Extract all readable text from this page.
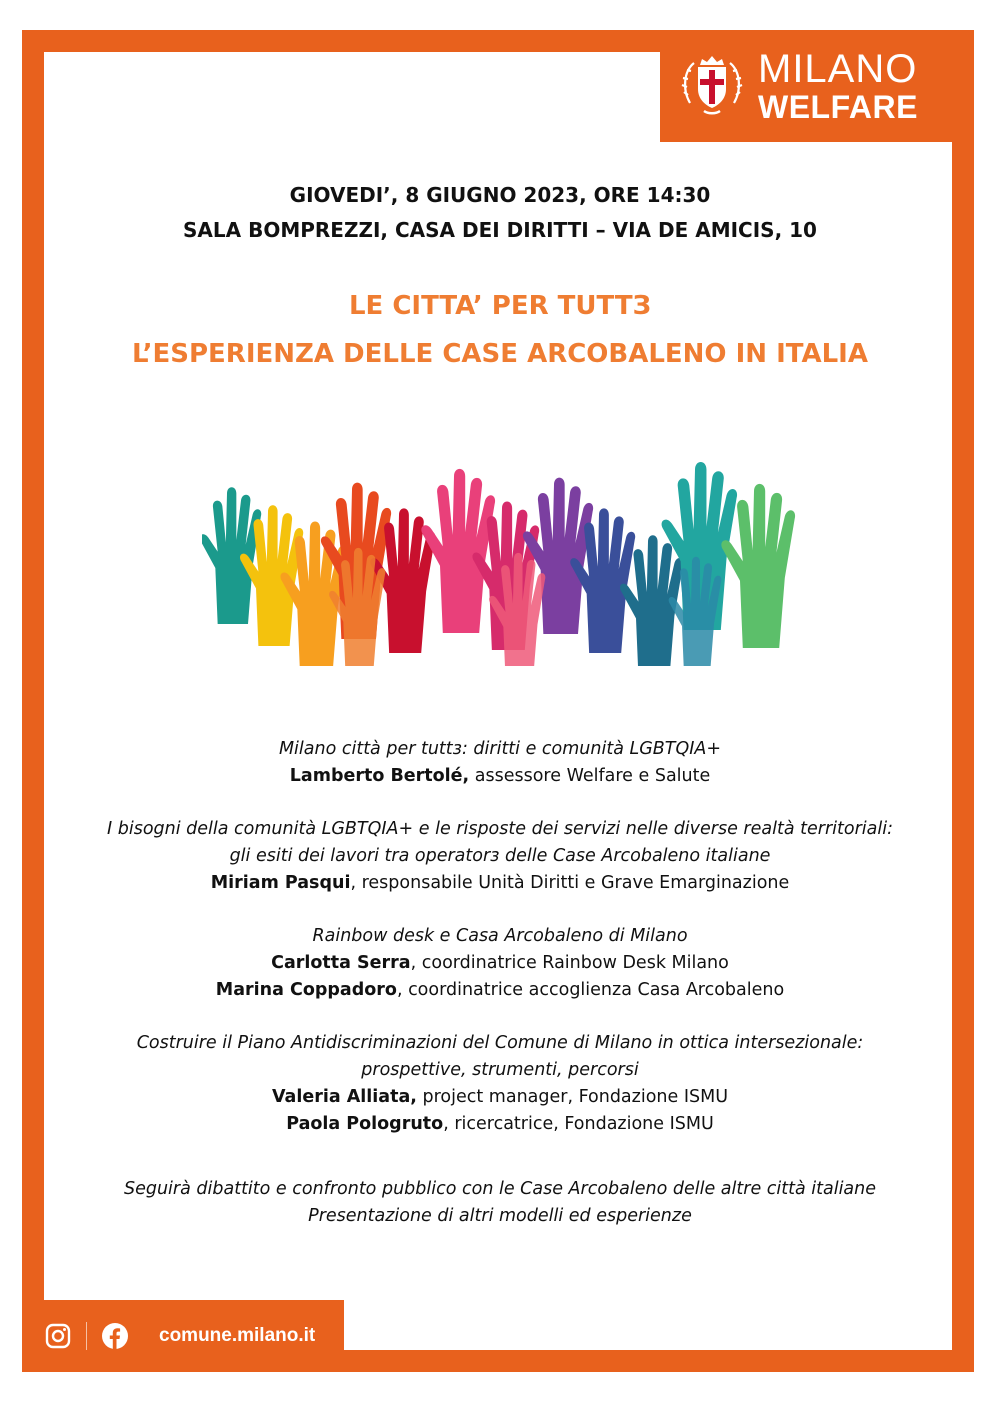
MILANO
WELFARE
GIOVEDI’, 8 GIUGNO 2023, ORE 14:30
SALA BOMPREZZI, CASA DEI DIRITTI – VIA DE AMICIS, 10
LE CITTA’ PER TUTTЗ
L’ESPERIENZA DELLE CASE ARCOBALENO IN ITALIA
Milano città per tuttз: diritti e comunità LGBTQIA+
Lamberto Bertolé, assessore Welfare e Salute
I bisogni della comunità LGBTQIA+ e le risposte dei servizi nelle diverse realtà territoriali:
gli esiti dei lavori tra operatorз delle Case Arcobaleno italiane
Miriam Pasqui, responsabile Unità Diritti e Grave Emarginazione
Rainbow desk e Casa Arcobaleno di Milano
Carlotta Serra, coordinatrice Rainbow Desk Milano
Marina Coppadoro, coordinatrice accoglienza Casa Arcobaleno
Costruire il Piano Antidiscriminazioni del Comune di Milano in ottica intersezionale:
prospettive, strumenti, percorsi
Valeria Alliata, project manager, Fondazione ISMU
Paola Pologruto, ricercatrice, Fondazione ISMU
Seguirà dibattito e confronto pubblico con le Case Arcobaleno delle altre città italiane
Presentazione di altri modelli ed esperienze
comune.milano.it
